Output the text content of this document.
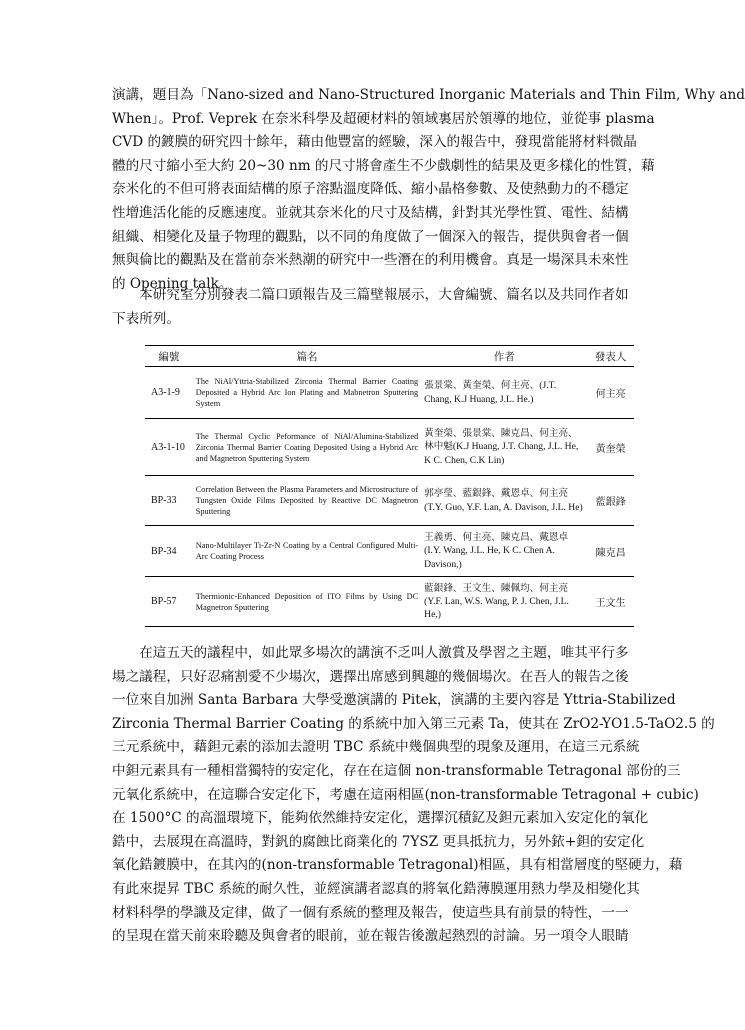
演講，題目為「Nano-sized and Nano-Structured Inorganic Materials and Thin Film, Why and
When」。Prof. Veprek 在奈米科學及超硬材料的領域裏居於領導的地位，並從事 plasma
CVD 的鍍膜的研究四十餘年，藉由他豐富的經驗，深入的報告中，發現當能將材料微晶
體的尺寸縮小至大約 20~30 nm 的尺寸將會產生不少戲劇性的結果及更多樣化的性質，藉
奈米化的不但可將表面結構的原子溶點溫度降低、縮小晶格參數、及使熱動力的不穩定
性增進活化能的反應速度。並就其奈米化的尺寸及結構，針對其光學性質、電性、結構
組織、相變化及量子物理的觀點，以不同的角度做了一個深入的報告，提供與會者一個
無與倫比的觀點及在當前奈米熱潮的研究中一些潛在的利用機會。真是一場深具未來性
的 Opening talk。
　　本研究室分別發表二篇口頭報告及三篇壁報展示，大會編號、篇名以及共同作者如
下表所列。
編號	篇名	作者	發表人
A3-1-9	The NiAl/Yttria-Stabilized Zirconia Thermal Barrier Coating Deposited a Hybrid Arc Ion Plating and Mabnetron Sputtering System	張景棠、黃奎榮、何主亮、(J.T. Chang, K.J Huang, J.L. He.)	何主亮
A3-1-10	The Thermal Cyclic Peformance of NiAl/Alumina-Stabilized Zirconia Thermal Barrier Coating Deposited Using a Hybrid Arc and Magnetron Sputtering System	黃奎榮、張景棠、陳克昌、何主亮、林中魁(K.J Huang, J.T. Chang, J.L. He, K C. Chen, C.K Lin)	黃奎榮
BP-33	Correlation Between the Plasma Parameters and Microstructure of Tungsten Oxide Films Deposited by Reactive DC Magnetron Sputtering	郭亭瑩、藍銀鋒、戴恩卓、何主亮(T.Y. Guo, Y.F. Lan, A. Davison, J.L. He)	藍銀鋒
BP-34	Nano-Multilayer Ti-Zr-N Coating by a Central Configured Multi-Arc Coating Process	王義勇、何主亮、陳克昌、戴恩卓(I.Y. Wang, J.L. He, K C. Chen A. Davison,)	陳克昌
BP-57	Thermionic-Enhanced Deposition of ITO Films by Using DC Magnetron Sputtering	藍銀鋒、王文生、陳佩均、何主亮(Y.F. Lan, W.S. Wang, P. J. Chen, J.L. He,)	王文生
　　在這五天的議程中，如此眾多場次的講演不乏叫人激賞及學習之主題，唯其平行多
場之議程，只好忍痛割愛不少場次，選擇出席感到興趣的幾個場次。在吾人的報告之後
一位來自加洲 Santa Barbara 大學受邀演講的 Pitek，演講的主要內容是 Yttria-Stabilized
Zirconia Thermal Barrier Coating 的系統中加入第三元素 Ta，使其在 ZrO2-YO1.5-TaO2.5 的
三元系統中，藉鉭元素的添加去證明 TBC 系統中幾個典型的現象及運用，在這三元系統
中鉭元素具有一種相當獨特的安定化，存在在這個 non-transformable Tetragonal 部份的三
元氧化系統中，在這聯合安定化下，考慮在這兩相區(non-transformable Tetragonal + cubic)
在 1500°C 的高溫環境下，能夠依然維持安定化，選擇沉積釔及鉭元素加入安定化的氧化
鋯中，去展現在高溫時，對釩的腐蝕比商業化的 7YSZ 更具抵抗力，另外銥+鉭的安定化
氧化鋯鍍膜中，在其內的(non-transformable Tetragonal)相區，具有相當層度的堅硬力，藉
有此來提昇 TBC 系統的耐久性，並經演講者認真的將氧化鋯薄膜運用熱力學及相變化其
材料科學的學識及定律，做了一個有系統的整理及報告，使這些具有前景的特性，一一
的呈現在當天前來聆聽及與會者的眼前，並在報告後激起熱烈的討論。另一項令人眼睛
